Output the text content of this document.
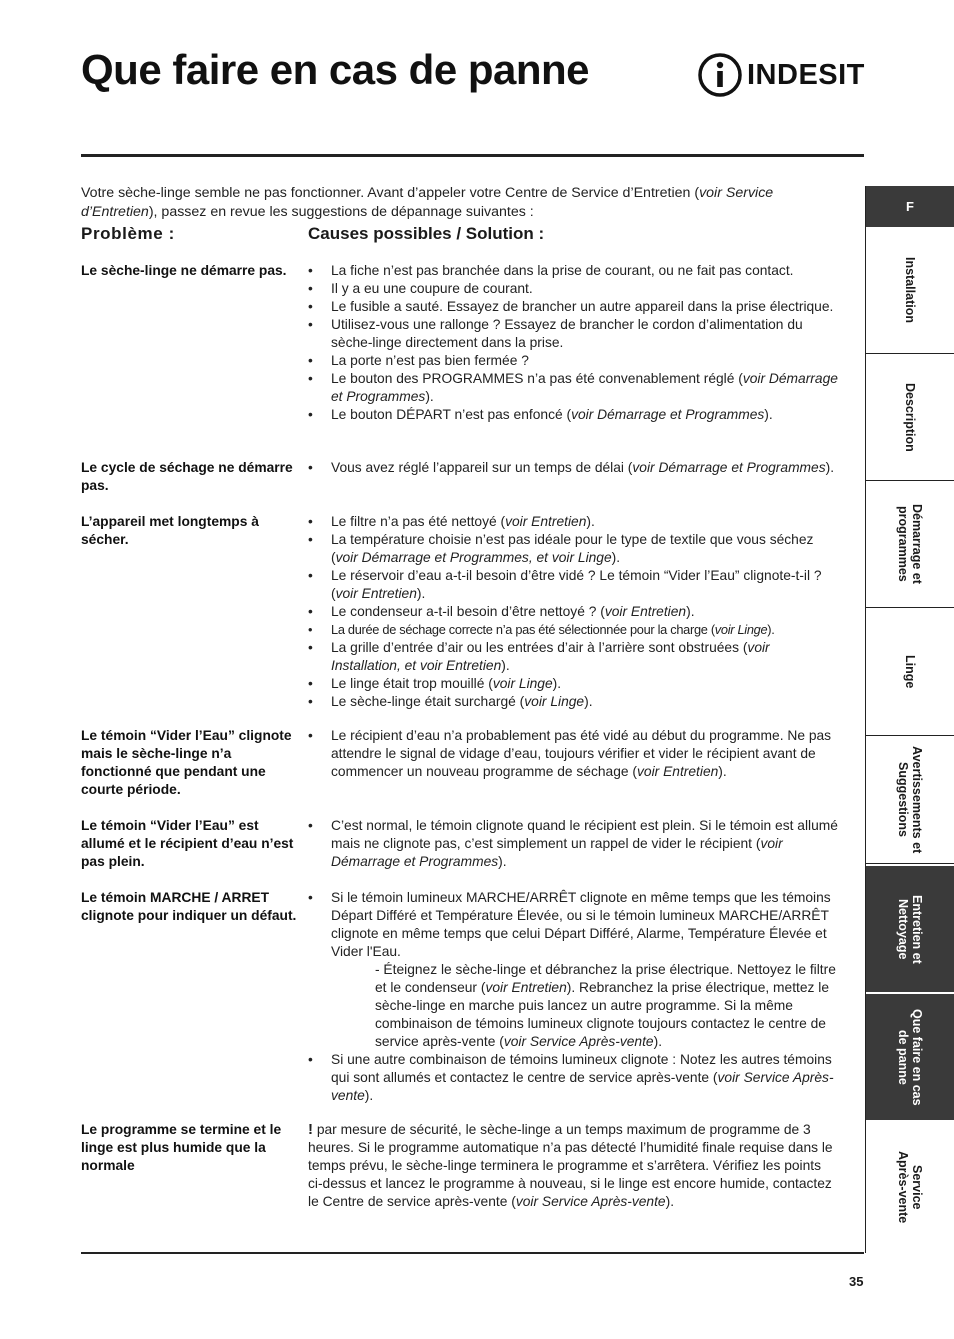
Que faire en cas de panne	INDESIT
Votre sèche-linge semble ne pas fonctionner. Avant d’appeler votre Centre de Service d’Entretien (voir Service d’Entretien), passez en revue les suggestions de dépannage suivantes :
Problème :	Causes possibles / Solution :
Le sèche-linge ne démarre pas.
•	La fiche n’est pas branchée dans la prise de courant, ou ne fait pas contact.
• Il y a eu une coupure de courant.
• Le fusible a sauté. Essayez de brancher un autre appareil dans la prise électrique.
• Utilisez-vous une rallonge ? Essayez de brancher le cordon d’alimentation du sèche-linge directement dans la prise.
• La porte n’est pas bien fermée ?
• Le bouton des PROGRAMMES n’a pas été convenablement réglé (voir Démarrage et Programmes).
• Le bouton DÉPART n’est pas enfoncé (voir Démarrage et Programmes).
Le cycle de séchage ne démarre pas.
• Vous avez réglé l’appareil sur un temps de délai (voir Démarrage et Programmes).
L’appareil met longtemps à sécher.
• Le filtre n’a pas été nettoyé (voir Entretien).
• La température choisie n’est pas idéale pour le type de textile que vous séchez (voir Démarrage et Programmes, et voir Linge).
• Le réservoir d’eau a-t-il besoin d’être vidé ? Le témoin “Vider l’Eau” clignote-t-il ? (voir Entretien).
• Le condenseur a-t-il besoin d’être nettoyé ? (voir Entretien).
• La durée de séchage correcte n’a pas été sélectionnée pour la charge (voir Linge).
• La grille d’entrée d’air ou les entrées d’air à l’arrière sont obstruées (voir Installation, et voir Entretien).
• Le linge était trop mouillé (voir Linge).
• Le sèche-linge était surchargé (voir Linge).
Le témoin “Vider l’Eau” clignote mais le sèche-linge n’a fonctionné que pendant une courte période.
• Le récipient d’eau n’a probablement pas été vidé au début du programme. Ne pas attendre le signal de vidage d’eau, toujours vérifier et vider le récipient avant de commencer un nouveau programme de séchage (voir Entretien).
Le témoin “Vider l’Eau” est allumé et le récipient d’eau n’est pas plein.
• C’est normal, le témoin clignote quand le récipient est plein. Si le témoin est allumé mais ne clignote pas, c’est simplement un rappel de vider le récipient (voir Démarrage et Programmes).
Le témoin MARCHE / ARRET clignote pour indiquer un défaut.
• Si le témoin lumineux MARCHE/ARRÊT clignote en même temps que les témoins Départ Différé et Température Élevée, ou si le témoin lumineux MARCHE/ARRÊT clignote en même temps que celui Départ Différé, Alarme, Température Élevée et Vider l'Eau.
- Éteignez le sèche-linge et débranchez la prise électrique. Nettoyez le filtre et le condenseur (voir Entretien). Rebranchez la prise électrique, mettez le sèche-linge en marche puis lancez un autre programme. Si la même combinaison de témoins lumineux clignote toujours contactez le centre de service après-vente (voir Service Après-vente).
• Si une autre combinaison de témoins lumineux clignote : Notez les autres témoins qui sont allumés et contactez le centre de service après-vente (voir Service Après-vente).
Le programme se termine et le linge est plus humide que la normale
! par mesure de sécurité, le sèche-linge a un temps maximum de programme de 3 heures. Si le programme automatique n’a pas détecté l’humidité finale requise dans le temps prévu, le sèche-linge terminera le programme et s’arrêtera. Vérifiez les points ci-dessus et lancez le programme à nouveau, si le linge est encore humide, contactez le Centre de service après-vente (voir Service Après-vente).
35
F
Installation
Description
Démarrage et
programmes
Linge
Avertissements et
Suggestions
Entretien et
Nettoyage
Que faire en cas
de panne
Service
Après-vente
